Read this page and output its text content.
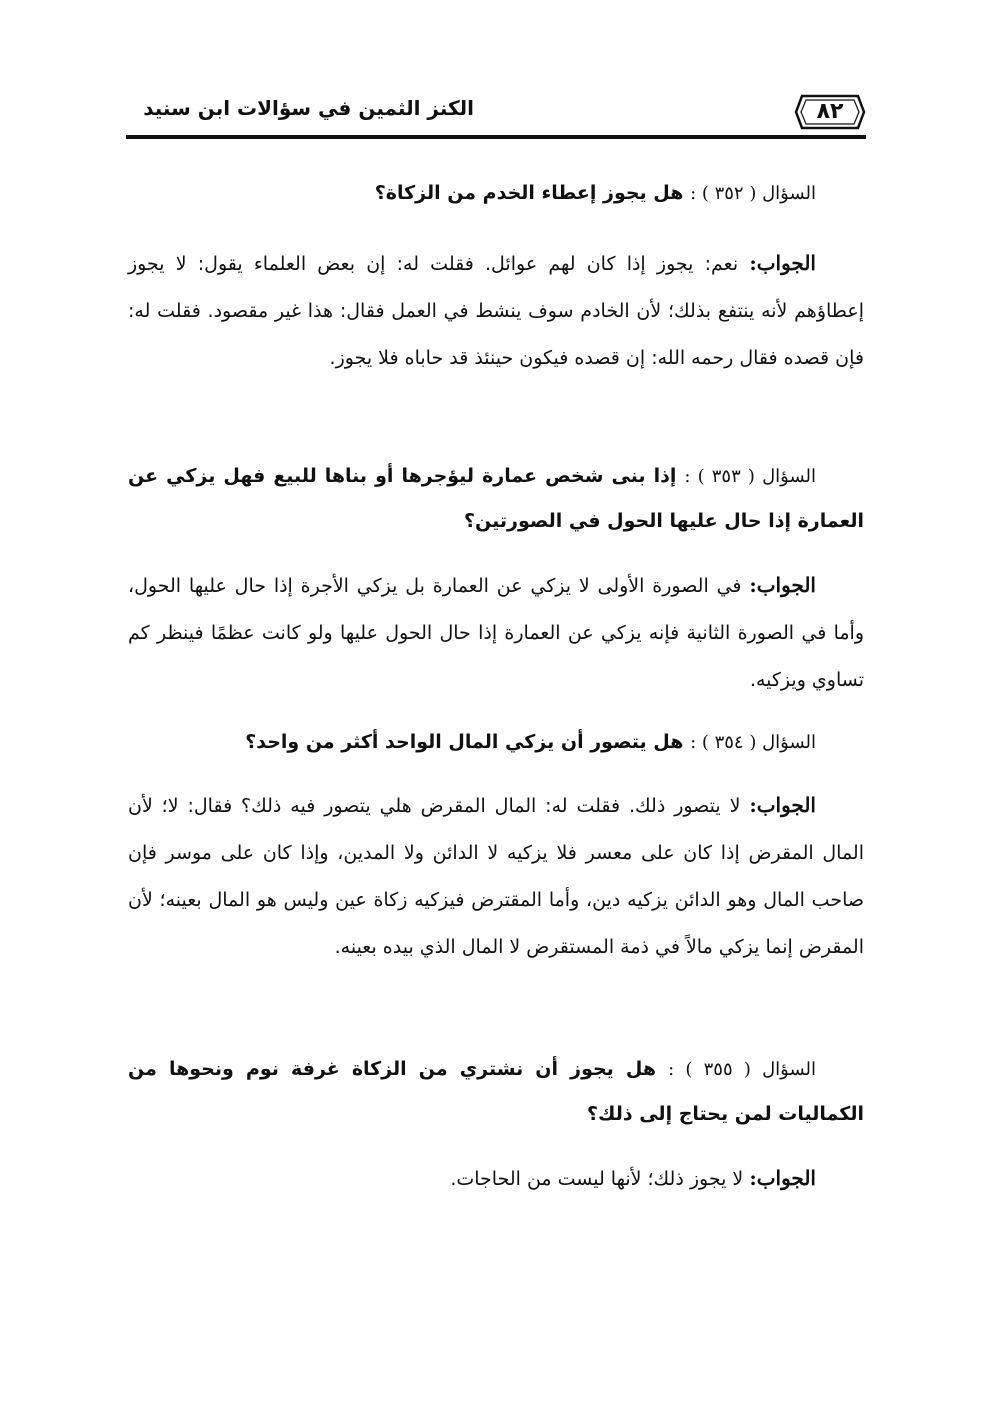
٨٢
الكنز الثمين في سؤالات ابن سنيد
السؤال ( ٣٥٢ ) : هل يجوز إعطاء الخدم من الزكاة؟
الجواب: نعم: يجوز إذا كان لهم عوائل. فقلت له: إن بعض العلماء يقول: لا يجوز إعطاؤهم لأنه ينتفع بذلك؛ لأن الخادم سوف ينشط في العمل فقال: هذا غير مقصود. فقلت له: فإن قصده فقال رحمه الله: إن قصده فيكون حينئذ قد حاباه فلا يجوز.
السؤال ( ٣٥٣ ) : إذا بنى شخص عمارة ليؤجرها أو بناها للبيع فهل يزكي عن العمارة إذا حال عليها الحول في الصورتين؟
الجواب: في الصورة الأولى لا يزكي عن العمارة بل يزكي الأجرة إذا حال عليها الحول، وأما في الصورة الثانية فإنه يزكي عن العمارة إذا حال الحول عليها ولو كانت عظمًا فينظر كم تساوي ويزكيه.
السؤال ( ٣٥٤ ) : هل يتصور أن يزكي المال الواحد أكثر من واحد؟
الجواب: لا يتصور ذلك. فقلت له: المال المقرض هلي يتصور فيه ذلك؟ فقال: لا؛ لأن المال المقرض إذا كان على معسر فلا يزكيه لا الدائن ولا المدين، وإذا كان على موسر فإن صاحب المال وهو الدائن يزكيه دين، وأما المقترض فيزكيه زكاة عين وليس هو المال بعينه؛ لأن المقرض إنما يزكي مالاً في ذمة المستقرض لا المال الذي بيده بعينه.
السؤال ( ٣٥٥ ) : هل يجوز أن نشتري من الزكاة غرفة نوم ونحوها من الكماليات لمن يحتاج إلى ذلك؟
الجواب: لا يجوز ذلك؛ لأنها ليست من الحاجات.
